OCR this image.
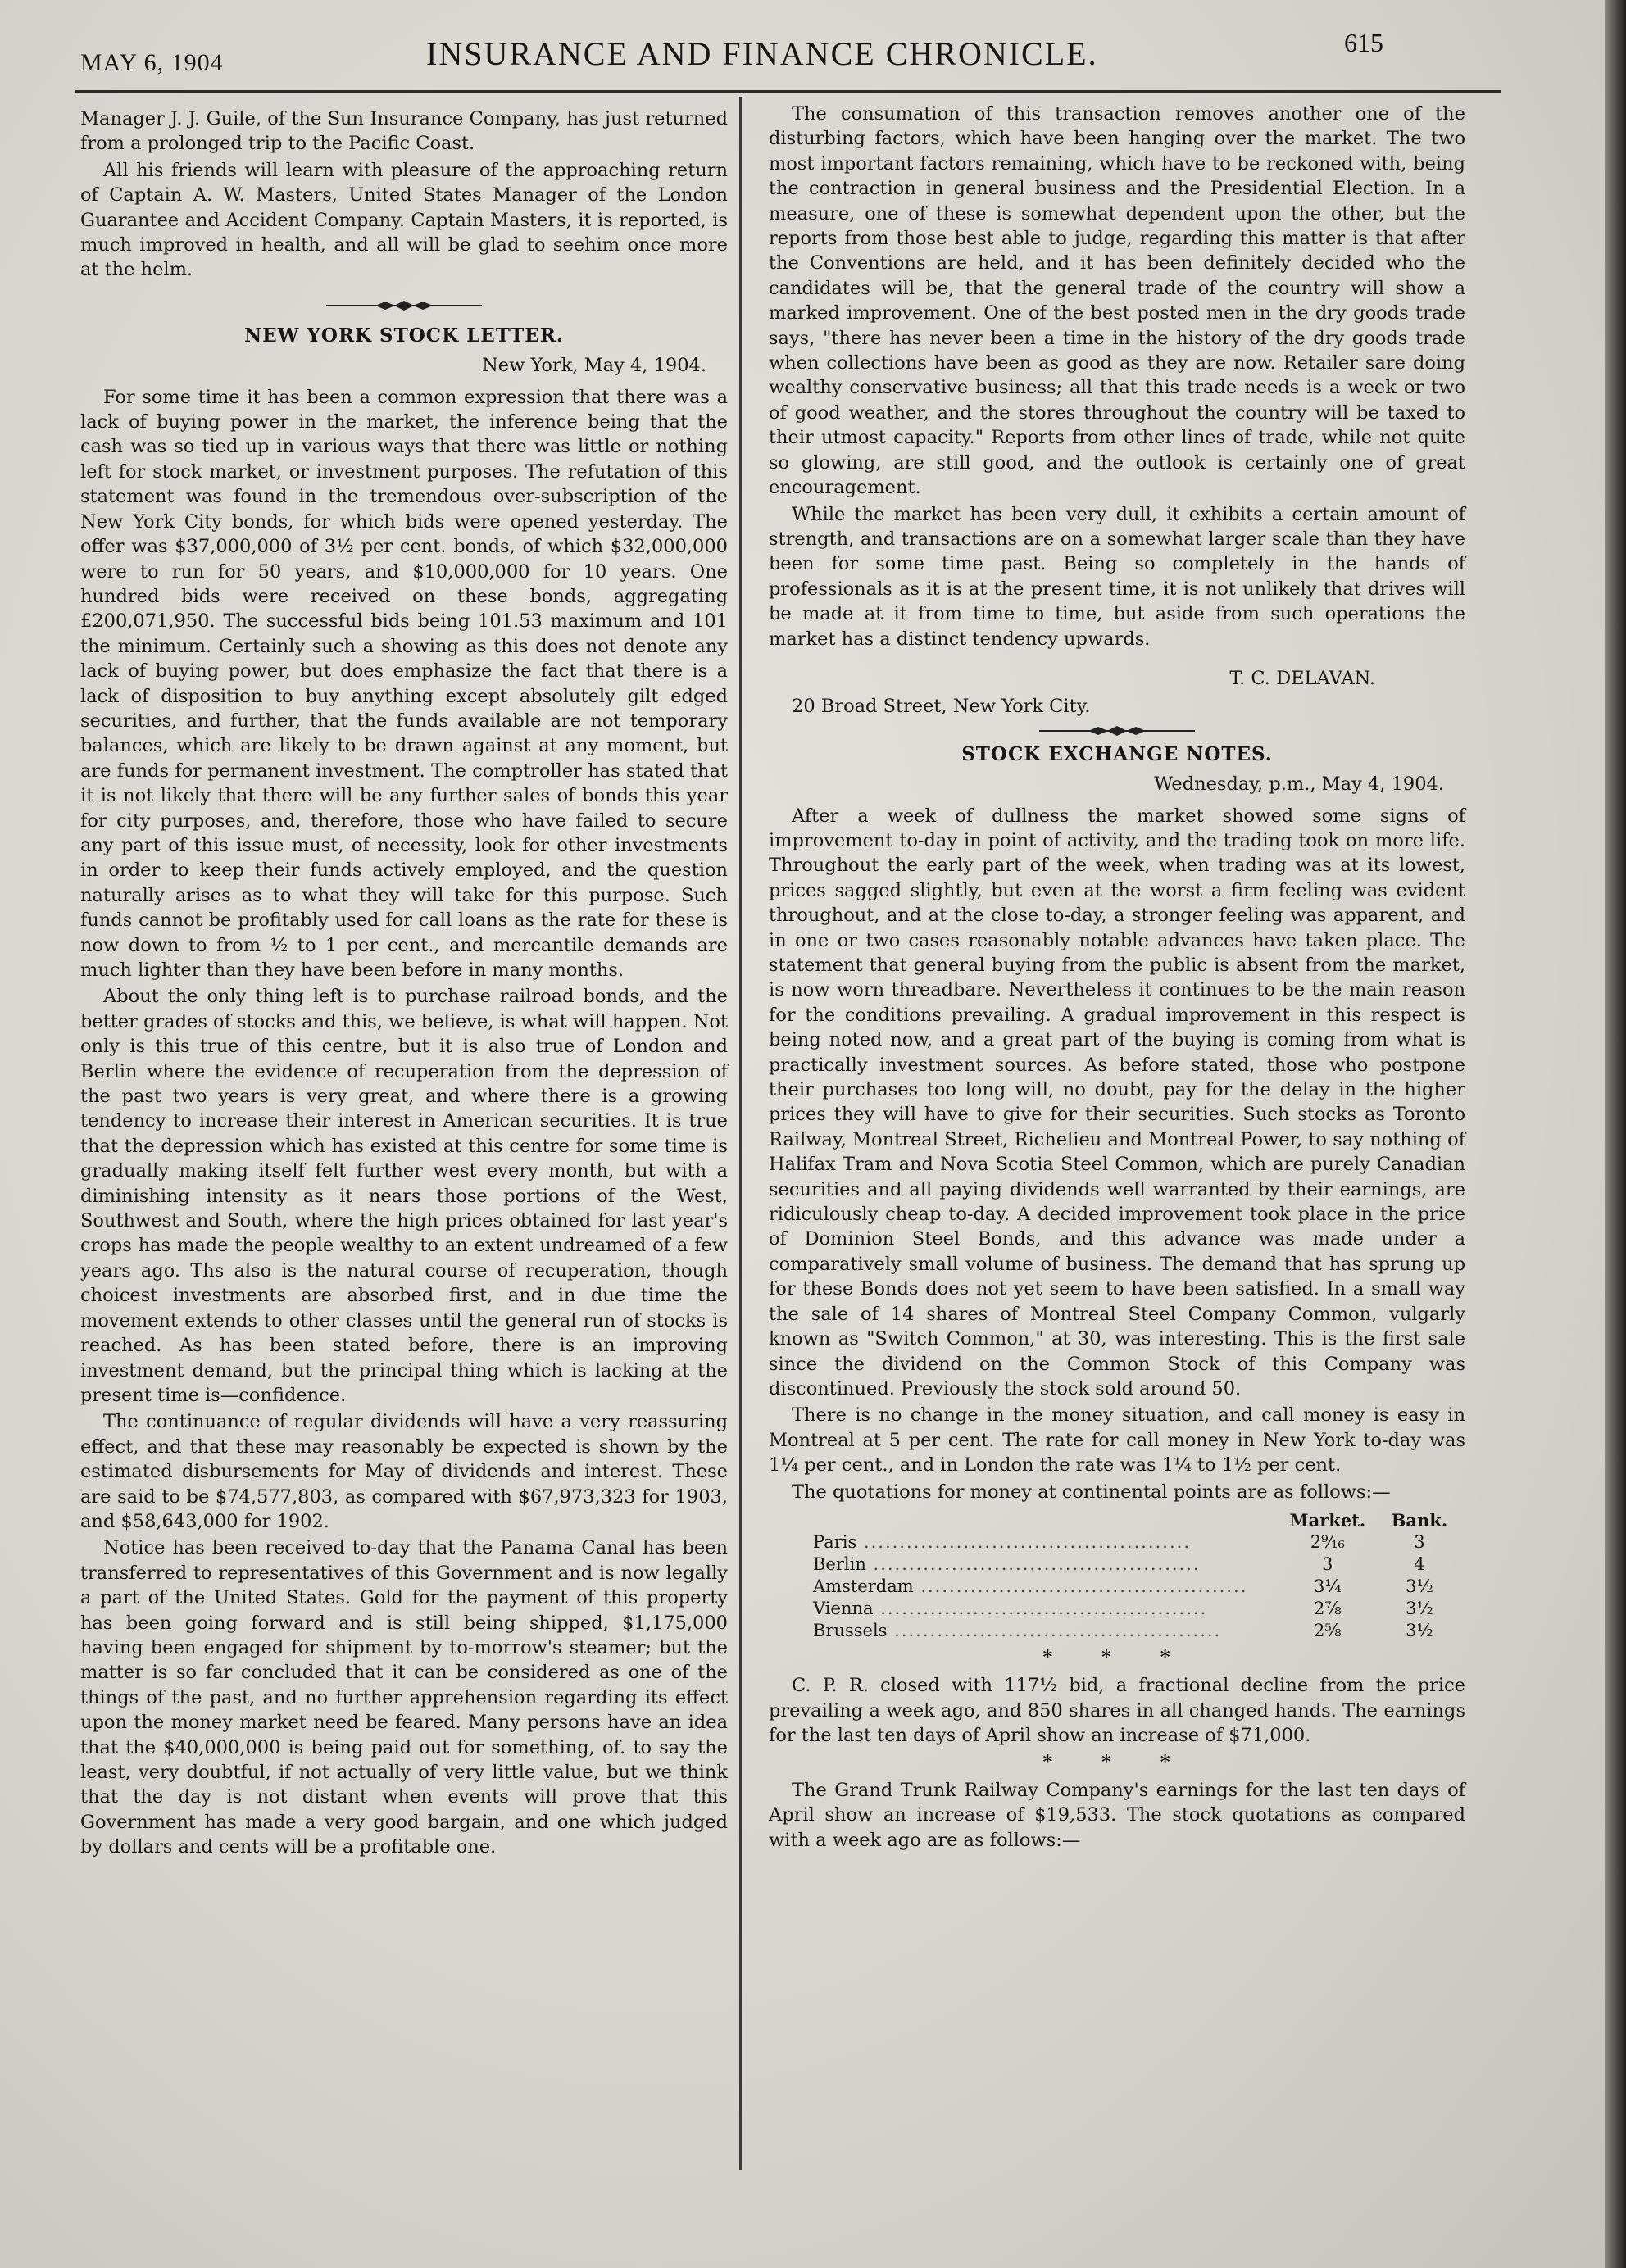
MAY 6, 1904	INSURANCE AND FINANCE CHRONICLE.	615

Manager J. J. Guile, of the Sun Insurance Company, has just returned from a prolonged trip to the Pacific Coast.

All his friends will learn with pleasure of the approaching return of Captain A. W. Masters, United States Manager of the London Guarantee and Accident Company. Captain Masters, it is reported, is much improved in health, and all will be glad to seehim once more at the helm.

NEW YORK STOCK LETTER.
New York, May 4, 1904.

For some time it has been a common expression that there was a lack of buying power in the market, the inference being that the cash was so tied up in various ways that there was little or nothing left for stock market, or investment purposes. The refutation of this statement was found in the tremendous over-subscription of the New York City bonds, for which bids were opened yesterday. The offer was $37,000,000 of 3½ per cent. bonds, of which $32,000,000 were to run for 50 years, and $10,000,000 for 10 years. One hundred bids were received on these bonds, aggregating £200,071,950. The successful bids being 101.53 maximum and 101 the minimum. Certainly such a showing as this does not denote any lack of buying power, but does emphasize the fact that there is a lack of disposition to buy anything except absolutely gilt edged securities, and further, that the funds available are not temporary balances, which are likely to be drawn against at any moment, but are funds for permanent investment. The comptroller has stated that it is not likely that there will be any further sales of bonds this year for city purposes, and, therefore, those who have failed to secure any part of this issue must, of necessity, look for other investments in order to keep their funds actively employed, and the question naturally arises as to what they will take for this purpose. Such funds cannot be profitably used for call loans as the rate for these is now down to from ½ to 1 per cent., and mercantile demands are much lighter than they have been before in many months.

About the only thing left is to purchase railroad bonds, and the better grades of stocks and this, we believe, is what will happen. Not only is this true of this centre, but it is also true of London and Berlin where the evidence of recuperation from the depression of the past two years is very great, and where there is a growing tendency to increase their interest in American securities. It is true that the depression which has existed at this centre for some time is gradually making itself felt further west every month, but with a diminishing intensity as it nears those portions of the West, Southwest and South, where the high prices obtained for last year's crops has made the people wealthy to an extent undreamed of a few years ago. Ths also is the natural course of recuperation, though choicest investments are absorbed first, and in due time the movement extends to other classes until the general run of stocks is reached. As has been stated before, there is an improving investment demand, but the principal thing which is lacking at the present time is—confidence.

The continuance of regular dividends will have a very reassuring effect, and that these may reasonably be expected is shown by the estimated disbursements for May of dividends and interest. These are said to be $74,577,803, as compared with $67,973,323 for 1903, and $58,643,000 for 1902.

Notice has been received to-day that the Panama Canal has been transferred to representatives of this Government and is now legally a part of the United States. Gold for the payment of this property has been going forward and is still being shipped, $1,175,000 having been engaged for shipment by to-morrow's steamer; but the matter is so far concluded that it can be considered as one of the things of the past, and no further apprehension regarding its effect upon the money market need be feared. Many persons have an idea that the $40,000,000 is being paid out for something, of. to say the least, very doubtful, if not actually of very little value, but we think that the day is not distant when events will prove that this Government has made a very good bargain, and one which judged by dollars and cents will be a profitable one.

The consumation of this transaction removes another one of the disturbing factors, which have been hanging over the market. The two most important factors remaining, which have to be reckoned with, being the contraction in general business and the Presidential Election. In a measure, one of these is somewhat dependent upon the other, but the reports from those best able to judge, regarding this matter is that after the Conventions are held, and it has been definitely decided who the candidates will be, that the general trade of the country will show a marked improvement. One of the best posted men in the dry goods trade says, "there has never been a time in the history of the dry goods trade when collections have been as good as they are now. Retailer sare doing wealthy conservative business; all that this trade needs is a week or two of good weather, and the stores throughout the country will be taxed to their utmost capacity." Reports from other lines of trade, while not quite so glowing, are still good, and the outlook is certainly one of great encouragement.

While the market has been very dull, it exhibits a certain amount of strength, and transactions are on a somewhat larger scale than they have been for some time past. Being so completely in the hands of professionals as it is at the present time, it is not unlikely that drives will be made at it from time to time, but aside from such operations the market has a distinct tendency upwards.

T. C. DELAVAN.
20 Broad Street, New York City.
STOCK EXCHANGE NOTES.
Wednesday, p.m., May 4, 1904.

After a week of dullness the market showed some signs of improvement to-day in point of activity, and the trading took on more life. Throughout the early part of the week, when trading was at its lowest, prices sagged slightly, but even at the worst a firm feeling was evident throughout, and at the close to-day, a stronger feeling was apparent, and in one or two cases reasonably notable advances have taken place. The statement that general buying from the public is absent from the market, is now worn threadbare. Nevertheless it continues to be the main reason for the conditions prevailing. A gradual improvement in this respect is being noted now, and a great part of the buying is coming from what is practically investment sources. As before stated, those who postpone their purchases too long will, no doubt, pay for the delay in the higher prices they will have to give for their securities. Such stocks as Toronto Railway, Montreal Street, Richelieu and Montreal Power, to say nothing of Halifax Tram and Nova Scotia Steel Common, which are purely Canadian securities and all paying dividends well warranted by their earnings, are ridiculously cheap to-day. A decided improvement took place in the price of Dominion Steel Bonds, and this advance was made under a comparatively small volume of business. The demand that has sprung up for these Bonds does not yet seem to have been satisfied. In a small way the sale of 14 shares of Montreal Steel Company Common, vulgarly known as "Switch Common," at 30, was interesting. This is the first sale since the dividend on the Common Stock of this Company was discontinued. Previously the stock sold around 50.

There is no change in the money situation, and call money is easy in Montreal at 5 per cent. The rate for call money in New York to-day was 1¼ per cent., and in London the rate was 1¼ to 1½ per cent.

The quotations for money at continental points are as follows:—

	Market.	Bank.
Paris ..............................................	2⁹⁄₁₆	3
Berlin ..............................................	3	4
Amsterdam ..............................................	3¼	3½
Vienna ..............................................	2⅞	3½
Brussels ..............................................	2⅝	3½
* * *

C. P. R. closed with 117½ bid, a fractional decline from the price prevailing a week ago, and 850 shares in all changed hands. The earnings for the last ten days of April show an increase of $71,000.

* * *

The Grand Trunk Railway Company's earnings for the last ten days of April show an increase of $19,533. The stock quotations as compared with a week ago are as follows:—
